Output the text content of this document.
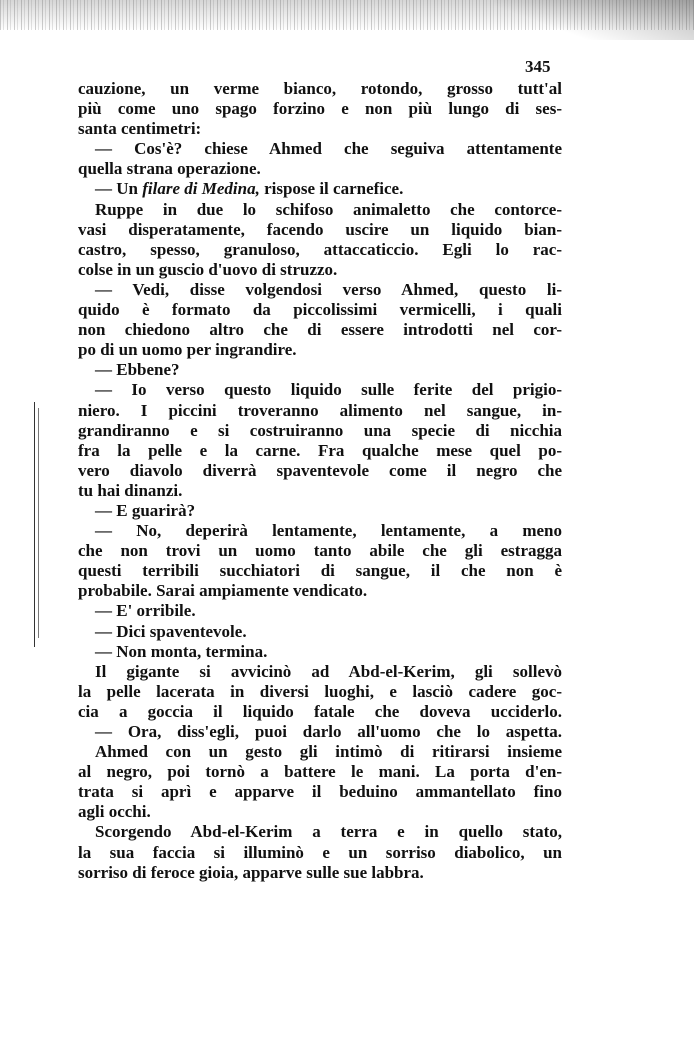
345
cauzione, un verme bianco, rotondo, grosso tutt'al
più come uno spago forzino e non più lungo di ses-
santa centimetri:
— Cos'è? chiese Ahmed che seguiva attentamente
quella strana operazione.
— Un filare di Medina, rispose il carnefice.
Ruppe in due lo schifoso animaletto che contorce-
vasi disperatamente, facendo uscire un liquido bian-
castro, spesso, granuloso, attaccaticcio. Egli lo rac-
colse in un guscio d'uovo di struzzo.
— Vedi, disse volgendosi verso Ahmed, questo li-
quido è formato da piccolissimi vermicelli, i quali
non chiedono altro che di essere introdotti nel cor-
po di un uomo per ingrandire.
— Ebbene?
— Io verso questo liquido sulle ferite del prigio-
niero. I piccini troveranno alimento nel sangue, in-
grandiranno e si costruiranno una specie di nicchia
fra la pelle e la carne. Fra qualche mese quel po-
vero diavolo diverrà spaventevole come il negro che
tu hai dinanzi.
— E guarirà?
— No, deperirà lentamente, lentamente, a meno
che non trovi un uomo tanto abile che gli estragga
questi terribili succhiatori di sangue, il che non è
probabile. Sarai ampiamente vendicato.
— E' orribile.
— Dici spaventevole.
— Non monta, termina.
Il gigante si avvicinò ad Abd-el-Kerim, gli sollevò
la pelle lacerata in diversi luoghi, e lasciò cadere goc-
cia a goccia il liquido fatale che doveva ucciderlo.
— Ora, diss'egli, puoi darlo all'uomo che lo aspetta.
Ahmed con un gesto gli intimò di ritirarsi insieme
al negro, poi tornò a battere le mani. La porta d'en-
trata si aprì e apparve il beduino ammantellato fino
agli occhi.
Scorgendo Abd-el-Kerim a terra e in quello stato,
la sua faccia si illuminò e un sorriso diabolico, un
sorriso di feroce gioia, apparve sulle sue labbra.
